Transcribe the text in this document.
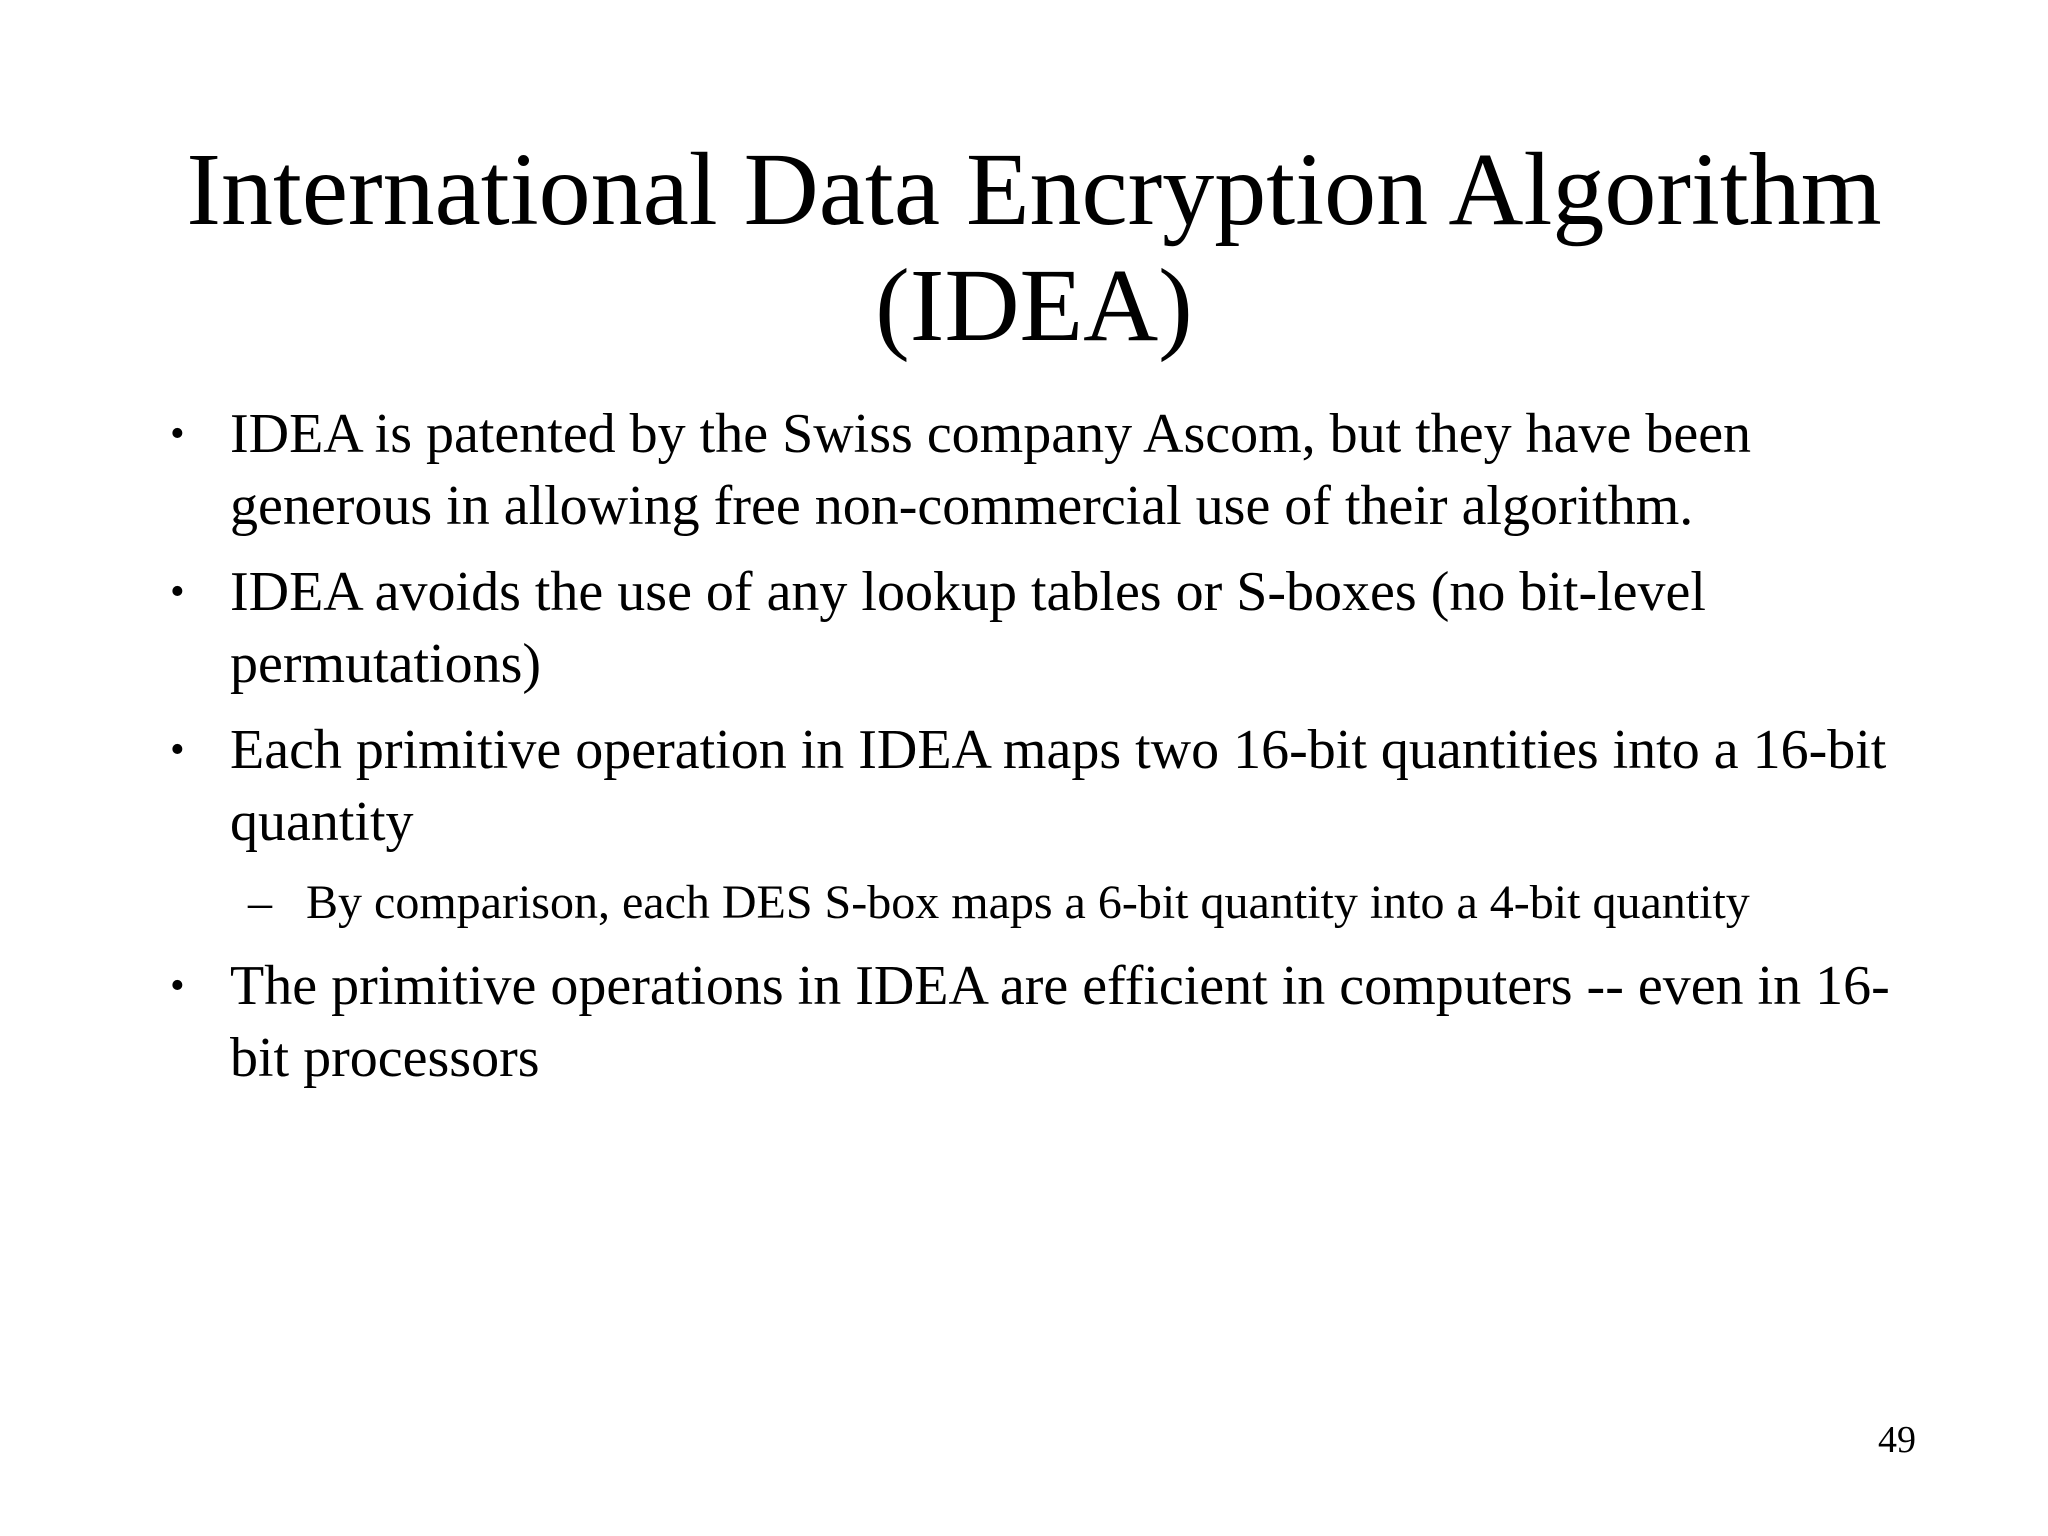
International Data Encryption Algorithm
(IDEA)
• IDEA is patented by the Swiss company Ascom, but they have been generous in allowing free non-commercial use of their algorithm.
• IDEA avoids the use of any lookup tables or S-boxes (no bit-level permutations)
• Each primitive operation in IDEA maps two 16-bit quantities into a 16-bit quantity
– By comparison, each DES S-box maps a 6-bit quantity into a 4-bit quantity
• The primitive operations in IDEA are efficient in computers -- even in 16-bit processors
49
